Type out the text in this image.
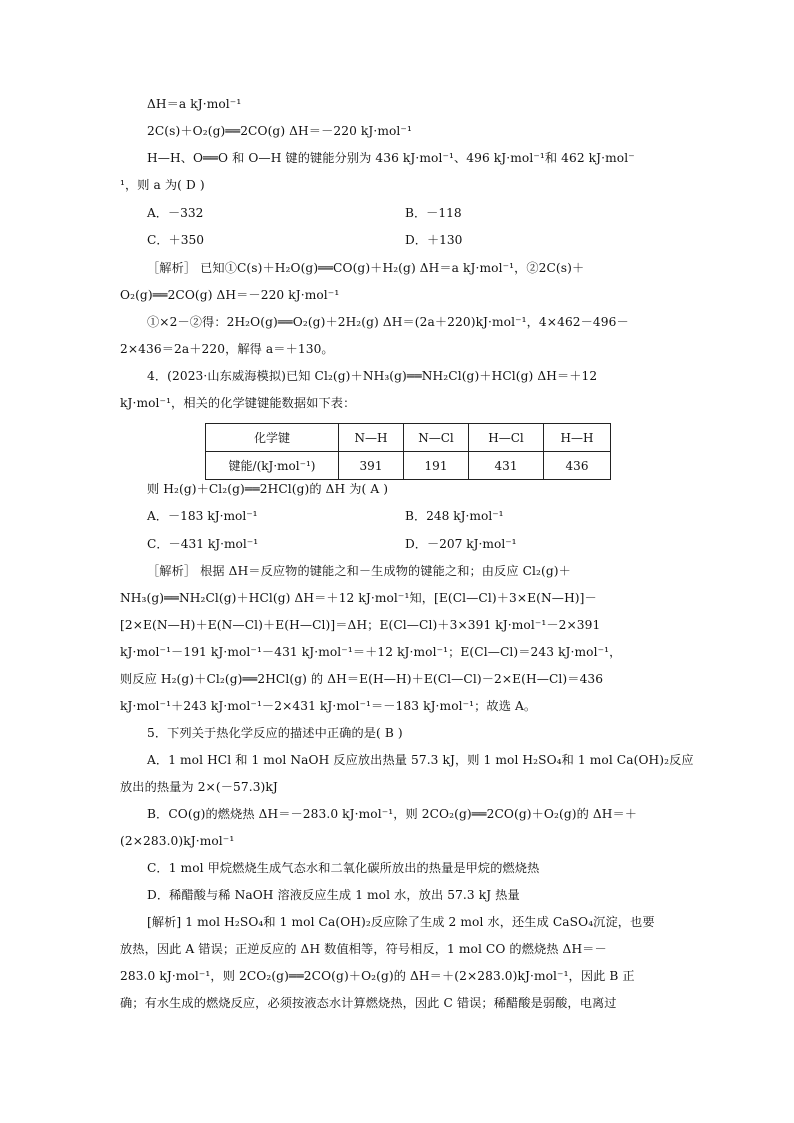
ΔH＝a kJ·mol⁻¹
2C(s)＋O₂(g)══2CO(g) ΔH＝－220 kJ·mol⁻¹
H—H、O══O 和 O—H 键的键能分别为 436 kJ·mol⁻¹、496 kJ·mol⁻¹和 462 kJ·mol⁻
¹，则 a 为( D )
A．－332	B．－118
C．＋350	D．＋130
［解析］ 已知①C(s)＋H₂O(g)══CO(g)＋H₂(g) ΔH＝a kJ·mol⁻¹，②2C(s)＋
O₂(g)══2CO(g) ΔH＝－220 kJ·mol⁻¹
①×2－②得：2H₂O(g)══O₂(g)＋2H₂(g) ΔH＝(2a＋220)kJ·mol⁻¹，4×462－496－
2×436＝2a＋220，解得 a＝＋130。
4．(2023·山东威海模拟)已知 Cl₂(g)＋NH₃(g)══NH₂Cl(g)＋HCl(g) ΔH＝＋12
kJ·mol⁻¹，相关的化学键键能数据如下表：
化学键	N—H	N—Cl	H—Cl	H—H
键能/(kJ·mol⁻¹)	391	191	431	436
则 H₂(g)＋Cl₂(g)══2HCl(g)的 ΔH 为( A )
A．－183 kJ·mol⁻¹	B．248 kJ·mol⁻¹
C．－431 kJ·mol⁻¹	D．－207 kJ·mol⁻¹
［解析］ 根据 ΔH＝反应物的键能之和－生成物的键能之和；由反应 Cl₂(g)＋
NH₃(g)══NH₂Cl(g)＋HCl(g) ΔH＝＋12 kJ·mol⁻¹知，[E(Cl—Cl)＋3×E(N—H)]－
[2×E(N—H)＋E(N—Cl)＋E(H—Cl)]＝ΔH；E(Cl—Cl)＋3×391 kJ·mol⁻¹－2×391
kJ·mol⁻¹－191 kJ·mol⁻¹－431 kJ·mol⁻¹＝＋12 kJ·mol⁻¹；E(Cl—Cl)＝243 kJ·mol⁻¹，
则反应 H₂(g)＋Cl₂(g)══2HCl(g) 的 ΔH＝E(H—H)＋E(Cl—Cl)－2×E(H—Cl)＝436
kJ·mol⁻¹＋243 kJ·mol⁻¹－2×431 kJ·mol⁻¹＝－183 kJ·mol⁻¹；故选 A。
5．下列关于热化学反应的描述中正确的是( B )
A．1 mol HCl 和 1 mol NaOH 反应放出热量 57.3 kJ，则 1 mol H₂SO₄和 1 mol Ca(OH)₂反应
放出的热量为 2×(－57.3)kJ
B．CO(g)的燃烧热 ΔH＝－283.0 kJ·mol⁻¹，则 2CO₂(g)══2CO(g)＋O₂(g)的 ΔH＝＋
(2×283.0)kJ·mol⁻¹
C．1 mol 甲烷燃烧生成气态水和二氧化碳所放出的热量是甲烷的燃烧热
D．稀醋酸与稀 NaOH 溶液反应生成 1 mol 水，放出 57.3 kJ 热量
[解析] 1 mol H₂SO₄和 1 mol Ca(OH)₂反应除了生成 2 mol 水，还生成 CaSO₄沉淀，也要
放热，因此 A 错误；正逆反应的 ΔH 数值相等，符号相反，1 mol CO 的燃烧热 ΔH＝－
283.0 kJ·mol⁻¹，则 2CO₂(g)══2CO(g)＋O₂(g)的 ΔH＝＋(2×283.0)kJ·mol⁻¹，因此 B 正
确；有水生成的燃烧反应，必须按液态水计算燃烧热，因此 C 错误；稀醋酸是弱酸，电离过
